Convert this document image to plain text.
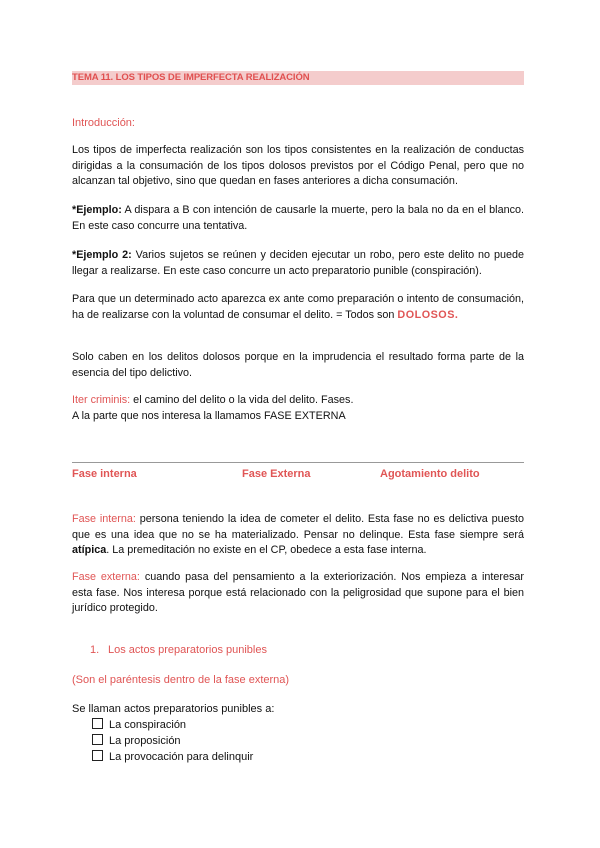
TEMA 11. LOS TIPOS DE IMPERFECTA REALIZACIÓN
Introducción:
Los tipos de imperfecta realización son los tipos consistentes en la realización de conductas dirigidas a la consumación de los tipos dolosos previstos por el Código Penal, pero que no alcanzan tal objetivo, sino que quedan en fases anteriores a dicha consumación.
*Ejemplo: A dispara a B con intención de causarle la muerte, pero la bala no da en el blanco. En este caso concurre una tentativa.
*Ejemplo 2: Varios sujetos se reúnen y deciden ejecutar un robo, pero este delito no puede llegar a realizarse. En este caso concurre un acto preparatorio punible (conspiración).
Para que un determinado acto aparezca ex ante como preparación o intento de consumación, ha de realizarse con la voluntad de consumar el delito. = Todos son DOLOSOS.
Solo caben en los delitos dolosos porque en la imprudencia el resultado forma parte de la esencia del tipo delictivo.
Iter criminis: el camino del delito o la vida del delito. Fases.
A la parte que nos interesa la llamamos FASE EXTERNA
Fase interna	Fase Externa	Agotamiento delito
Fase interna: persona teniendo la idea de cometer el delito. Esta fase no es delictiva puesto que es una idea que no se ha materializado. Pensar no delinque. Esta fase siempre será atípica. La premeditación no existe en el CP, obedece a esta fase interna.
Fase externa: cuando pasa del pensamiento a la exteriorización. Nos empieza a interesar esta fase. Nos interesa porque está relacionado con la peligrosidad que supone para el bien jurídico protegido.
1. Los actos preparatorios punibles
(Son el paréntesis dentro de la fase externa)
Se llaman actos preparatorios punibles a:
La conspiración
La proposición
La provocación para delinquir
